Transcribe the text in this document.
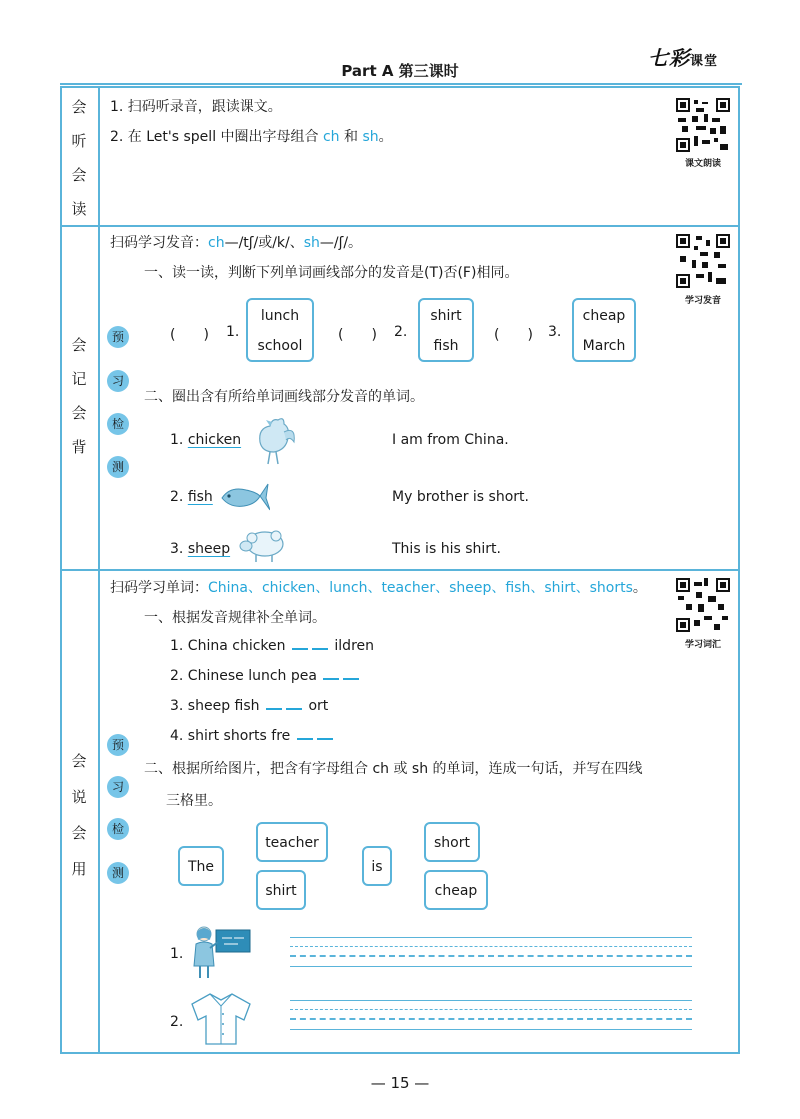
Part A 第三课时
七彩课堂
会
听
会
读
会
记
会
背
预
习
检
测
会
说
会
用
预
习
检
测
课文朗读
学习发音
学习词汇
1. 扫码听录音，跟读课文。
2. 在 Let's spell 中圈出字母组合 ch 和 sh。
扫码学习发音：ch—/tʃ/或/k/、sh—/ʃ/。
一、读一读，判断下列单词画线部分的发音是(T)否(F)相同。
(　　) 1.
lunch
school
(　　) 2.
shirt
fish
(　　) 3.
cheap
March
二、圈出含有所给单词画线部分发音的单词。
1. chicken	I am from China.
2. fish	My brother is short.
3. sheep	This is his shirt.
扫码学习单词：China、chicken、lunch、teacher、sheep、fish、shirt、shorts。
一、根据发音规律补全单词。
1. China chicken	ildren
2. Chinese lunch pea
3. sheep fish	ort
4. shirt shorts fre
二、根据所给图片，把含有字母组合 ch 或 sh 的单词，连成一句话，并写在四线
三格里。
The
teacher
shirt
is
short
cheap
1.
2.
— 15 —
